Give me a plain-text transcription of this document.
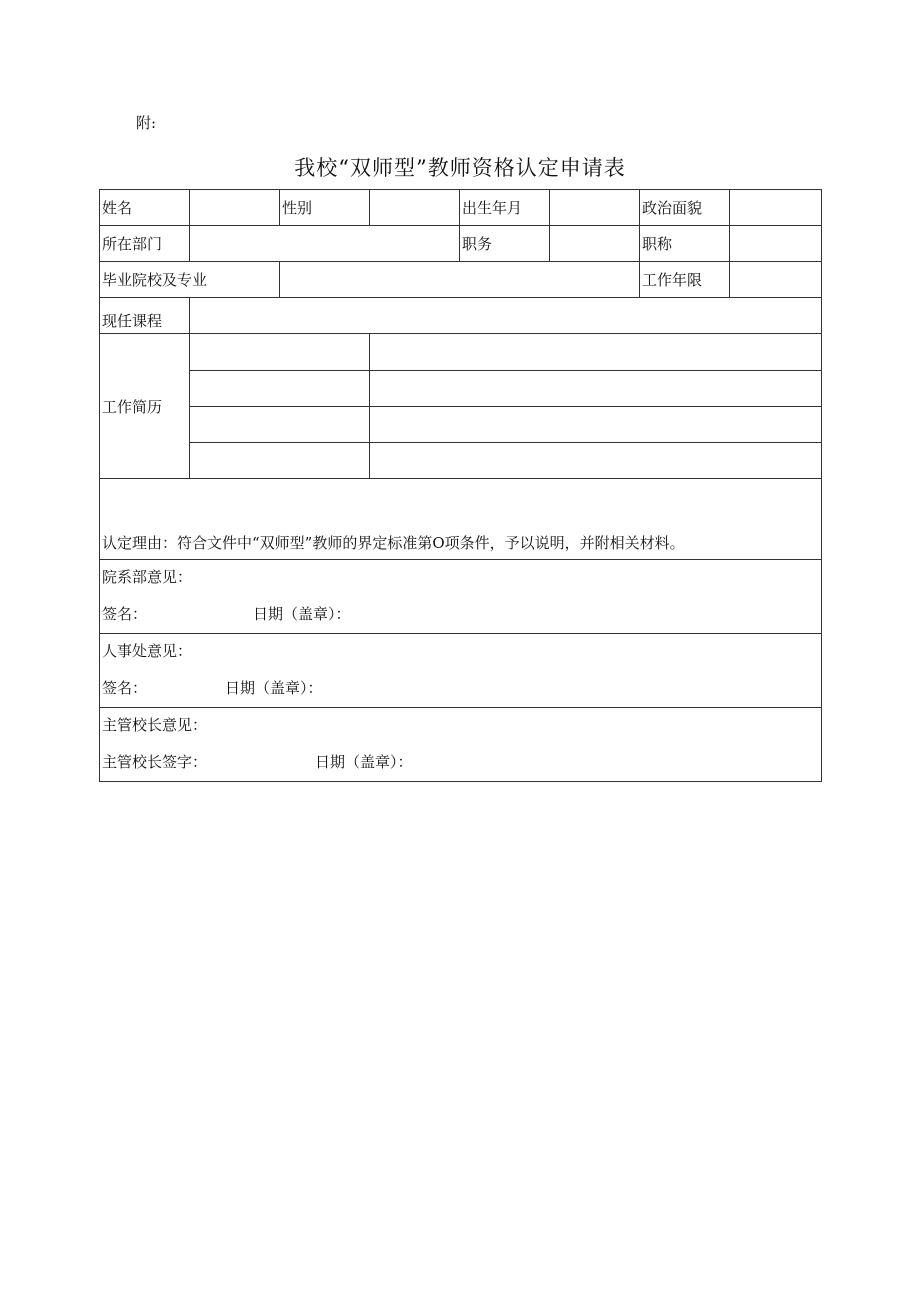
附:
我校“双师型”教师资格认定申请表
姓名		性别		出生年月		政治面貌	
所在部门				职务		职称	
毕业院校及专业						工作年限	
现任课程							
工作简历							

认定理由：符合文件中“双师型”教师的界定标准第O项条件，予以说明，并附相关材料。							

院系部意见：
签名： 日期（盖章）：							

人事处意见：
签名： 日期（盖章）：							

主管校长意见：
主管校长签字： 日期（盖章）：							
